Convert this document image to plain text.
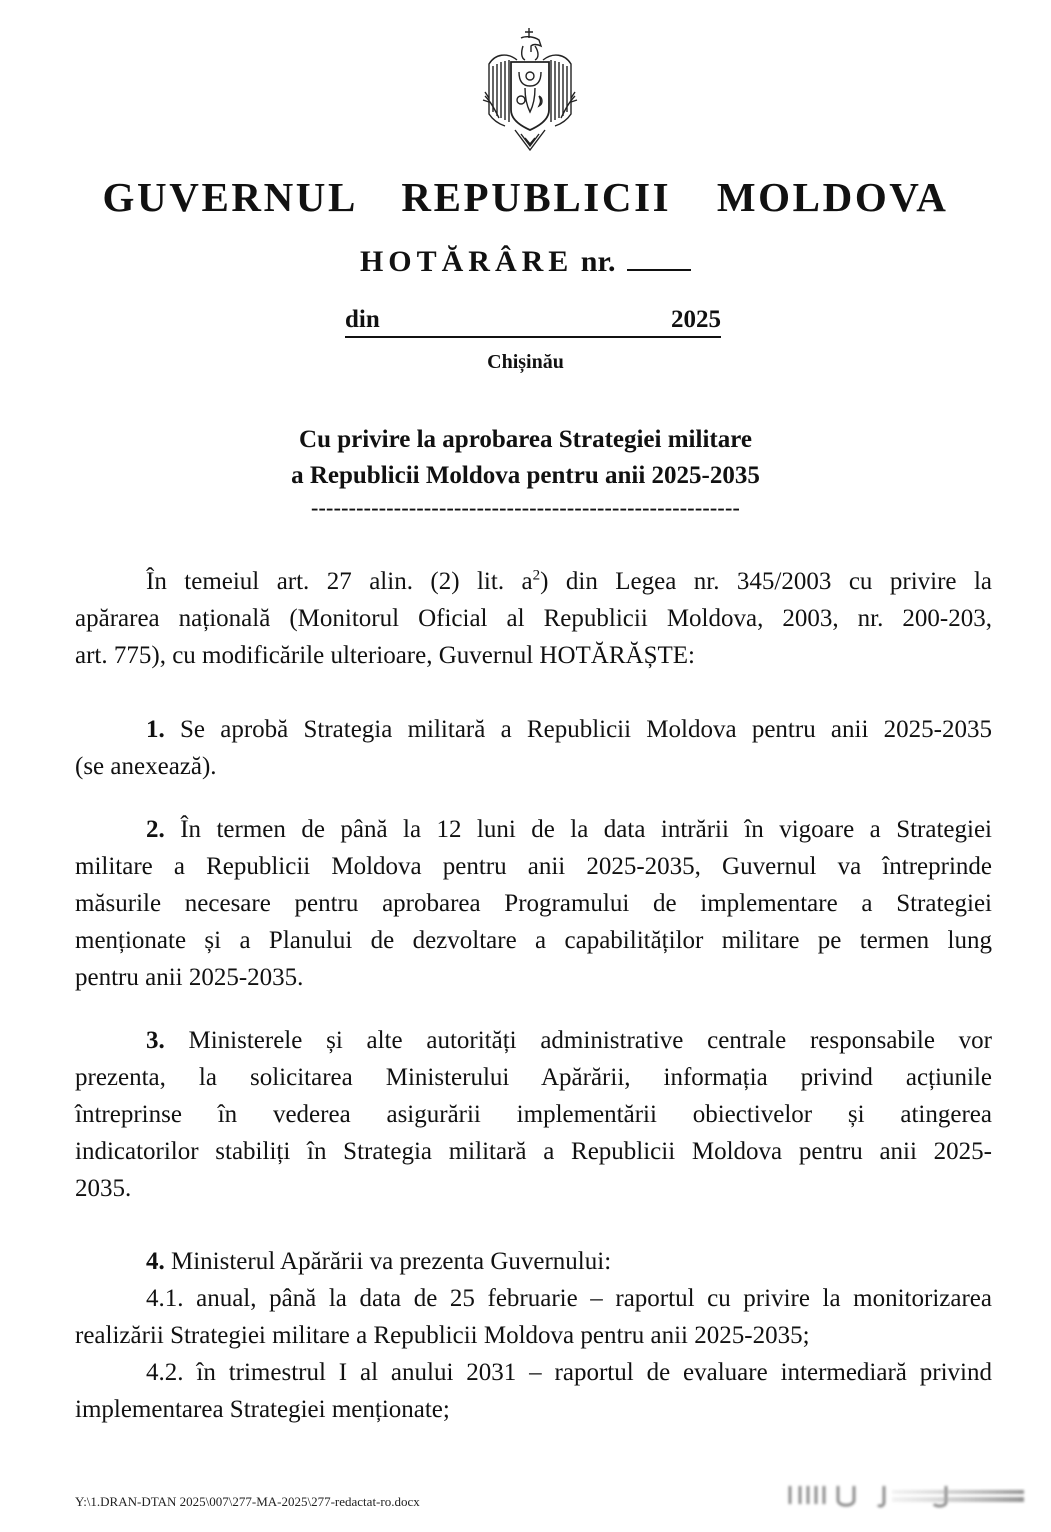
GUVERNUL  REPUBLICII  MOLDOVA
HOTĂRÂRE nr.
din	2025
Chișinău
Cu privire la aprobarea Strategiei militare
a Republicii Moldova pentru anii 2025-2035
---------------------------------------------------------
În temeiul art. 27 alin. (2) lit. $a^2$) din Legea nr. 345/2003 cu privire la
apărarea națională (Monitorul Oficial al Republicii Moldova, 2003, nr. 200-203,
art. 775), cu modificările ulterioare, Guvernul HOTĂRĂȘTE:
1. Se aprobă Strategia militară a Republicii Moldova pentru anii 2025-2035
(se anexează).
2. În termen de până la 12 luni de la data intrării în vigoare a Strategiei
militare a Republicii Moldova pentru anii 2025-2035, Guvernul va întreprinde
măsurile necesare pentru aprobarea Programului de implementare a Strategiei
menționate și a Planului de dezvoltare a capabilităților militare pe termen lung
pentru anii 2025-2035.
3. Ministerele și alte autorități administrative centrale responsabile vor
prezenta, la solicitarea Ministerului Apărării, informația privind acțiunile
întreprinse în vederea asigurării implementării obiectivelor și atingerea
indicatorilor stabiliți în Strategia militară a Republicii Moldova pentru anii 2025-
2035.
4. Ministerul Apărării va prezenta Guvernului:
4.1. anual, până la data de 25 februarie – raportul cu privire la monitorizarea
realizării Strategiei militare a Republicii Moldova pentru anii 2025-2035;
4.2. în trimestrul I al anului 2031 – raportul de evaluare intermediară privind
implementarea Strategiei menționate;
Y:\1.DRAN-DTAN 2025\007\277-MA-2025\277-redactat-ro.docx
